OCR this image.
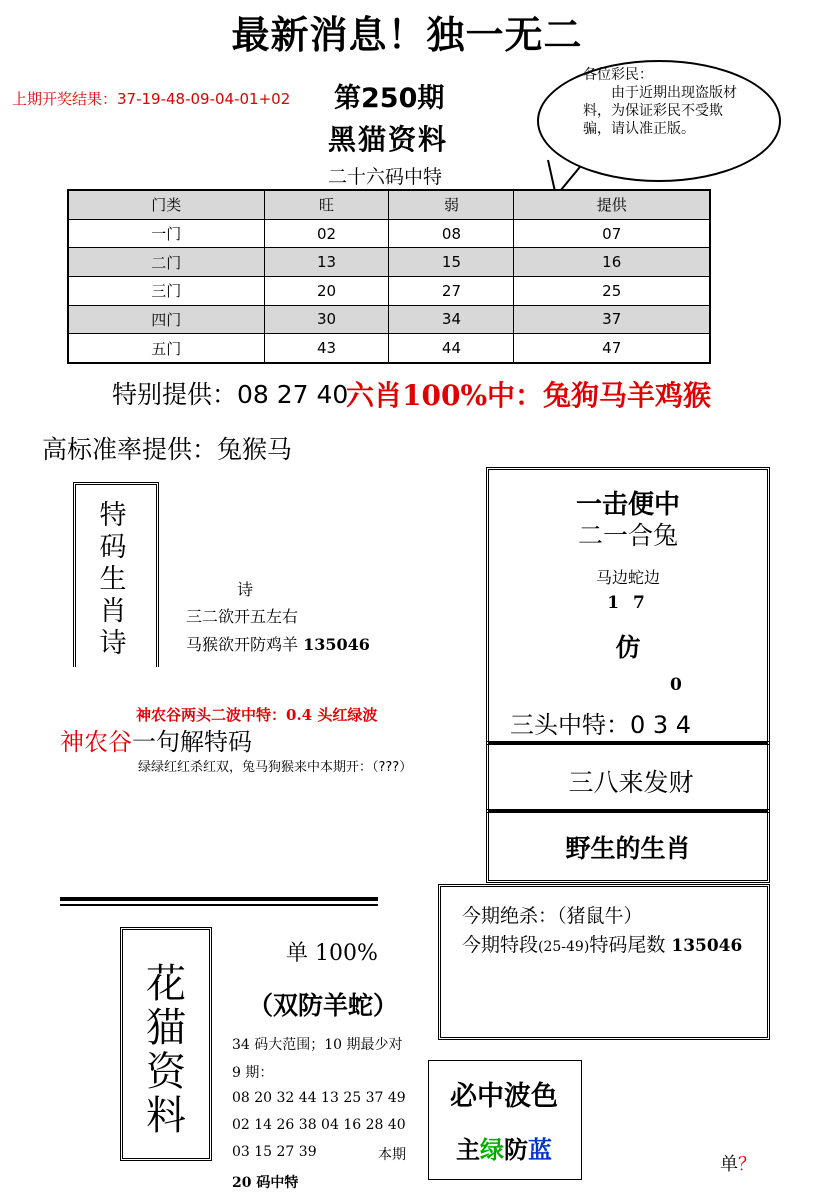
最新消息！独一无二
上期开奖结果：37-19-48-09-04-01+02 第250期
黑猫资料
二十六码中特
各位彩民：
由于近期出现盗版材料，为保证彩民不受欺骗，请认准正版。
门类	旺	弱	提供
一门	02	08	07
二门	13	15	16
三门	20	27	25
四门	30	34	37
五门	43	44	47
特别提供：08 27 40
六肖100%中：兔狗马羊鸡猴
高标准率提供：兔猴马
特
码
生
肖
诗
诗
三二欲开五左右
马猴欲开防鸡羊 135046
神农谷两头二波中特：0.4 头红绿波
神农谷一句解特码
绿绿红红杀红双，兔马狗猴来中本期开：（???）
一击便中
二一合兔
马边蛇边
1 7
仿
0
三头中特：0 3 4
三八来发财
野生的生肖
今期绝杀：（猪鼠牛）
今期特段(25-49)特码尾数 135046
花
猫
资
料
单 100%
（双防羊蛇）
34 码大范围；10 期最少对
9 期：
08 20 32 44 13 25 37 49
02 14 26 38 04 16 28 40
03 15 27 39	本期
20 码中特
必中波色
主绿防蓝
单？
